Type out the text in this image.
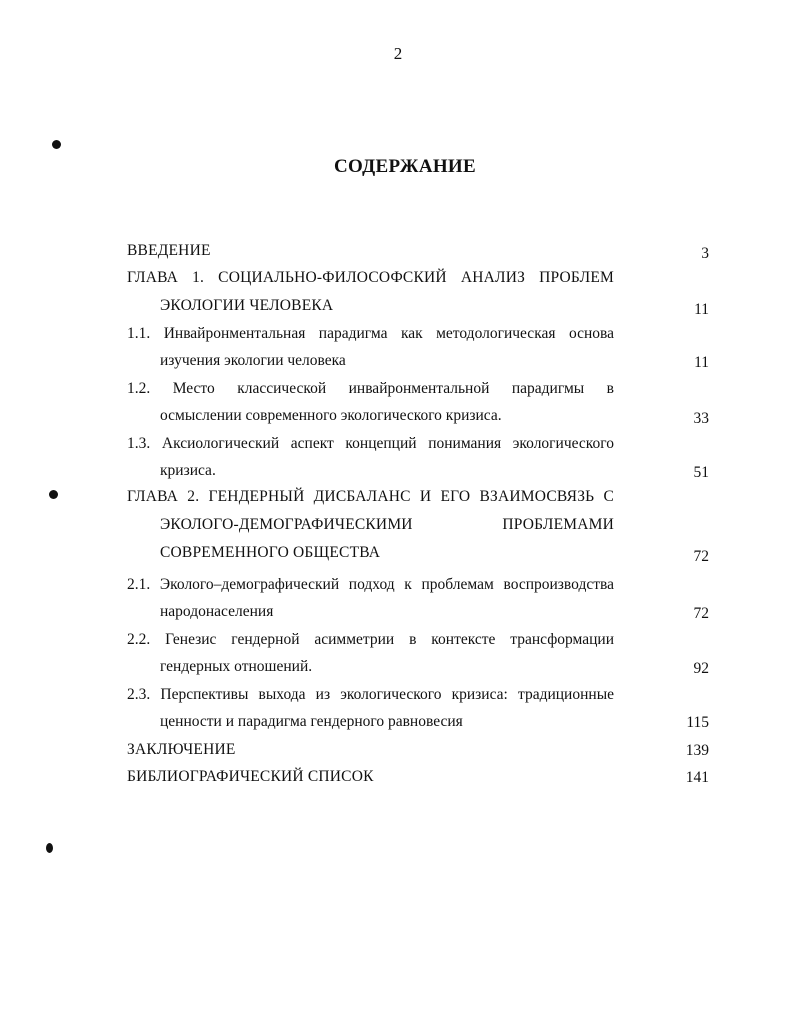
2
СОДЕРЖАНИЕ
ВВЕДЕНИЕ	3
ГЛАВА 1. СОЦИАЛЬНО-ФИЛОСОФСКИЙ АНАЛИЗ ПРОБЛЕМ
ЭКОЛОГИИ ЧЕЛОВЕКА	11
1.1. Инвайронментальная парадигма как методологическая основа
изучения экологии человека	11
1.2. Место классической инвайронментальной парадигмы в
осмыслении современного экологического кризиса.	33
1.3. Аксиологический аспект концепций понимания экологического
кризиса.	51
ГЛАВА 2. ГЕНДЕРНЫЙ ДИСБАЛАНС И ЕГО ВЗАИМОСВЯЗЬ С
ЭКОЛОГО-ДЕМОГРАФИЧЕСКИМИ ПРОБЛЕМАМИ
СОВРЕМЕННОГО ОБЩЕСТВА	72
2.1. Эколого–демографический подход к проблемам воспроизводства
народонаселения	72
2.2. Генезис гендерной асимметрии в контексте трансформации
гендерных отношений.	92
2.3. Перспективы выхода из экологического кризиса: традиционные
ценности и парадигма гендерного равновесия	115
ЗАКЛЮЧЕНИЕ	139
БИБЛИОГРАФИЧЕСКИЙ СПИСОК	141
